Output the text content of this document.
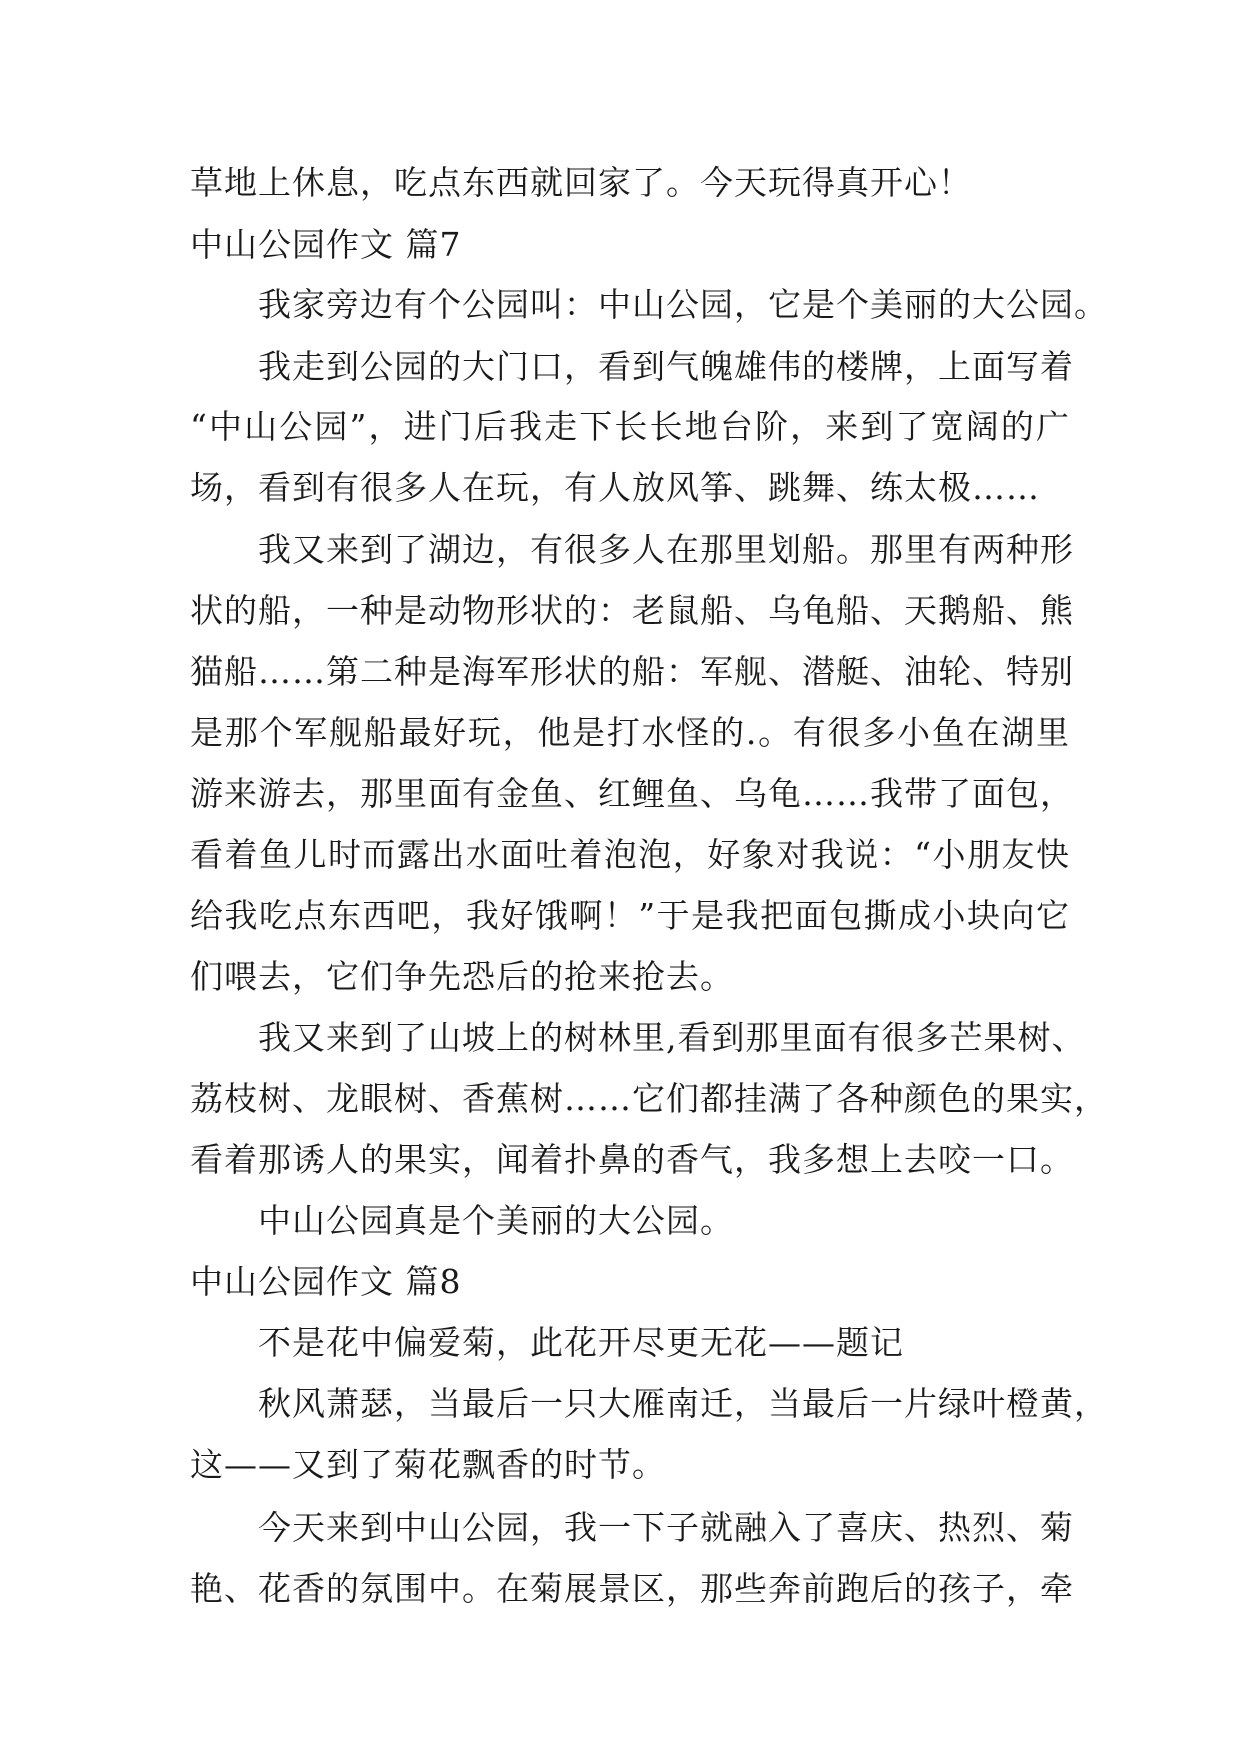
草地上休息，吃点东西就回家了。今天玩得真开心！
中山公园作文 篇7
我家旁边有个公园叫：中山公园，它是个美丽的大公园。
我走到公园的大门口，看到气魄雄伟的楼牌，上面写着
“中山公园”，进门后我走下长长地台阶，来到了宽阔的广
场，看到有很多人在玩，有人放风筝、跳舞、练太极……
我又来到了湖边，有很多人在那里划船。那里有两种形
状的船，一种是动物形状的：老鼠船、乌龟船、天鹅船、熊
猫船……第二种是海军形状的船：军舰、潜艇、油轮、特别
是那个军舰船最好玩，他是打水怪的.。有很多小鱼在湖里
游来游去，那里面有金鱼、红鲤鱼、乌龟……我带了面包，
看着鱼儿时而露出水面吐着泡泡，好象对我说：“小朋友快
给我吃点东西吧，我好饿啊！”于是我把面包撕成小块向它
们喂去，它们争先恐后的抢来抢去。
我又来到了山坡上的树林里,看到那里面有很多芒果树、
荔枝树、龙眼树、香蕉树……它们都挂满了各种颜色的果实，
看着那诱人的果实，闻着扑鼻的香气，我多想上去咬一口。
中山公园真是个美丽的大公园。
中山公园作文 篇8
不是花中偏爱菊，此花开尽更无花——题记
秋风萧瑟，当最后一只大雁南迁，当最后一片绿叶橙黄，
这——又到了菊花飘香的时节。
今天来到中山公园，我一下子就融入了喜庆、热烈、菊
艳、花香的氛围中。在菊展景区，那些奔前跑后的孩子，牵
